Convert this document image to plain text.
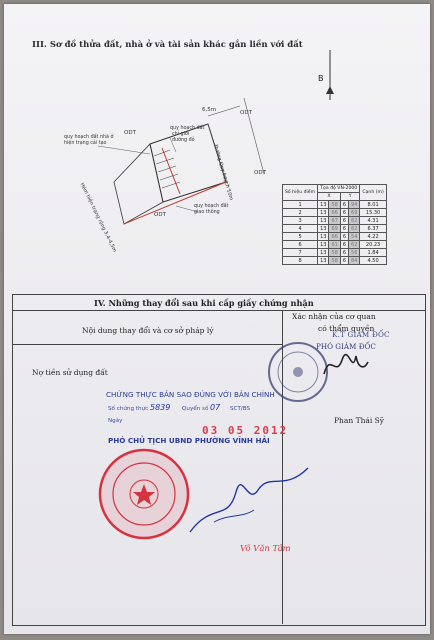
III. Sơ đồ thửa đất, nhà ở và tài sản khác gắn liền với đất
B
6,5m
quy hoạch đất
chỉ giới đường đỏ
quy hoạch đất nhà ở hiện trạng cải tạo
quy hoạch đất giao thông
Đường Quy hoạch 10m
Hẻm hiện trạng rộng 3,4-4,5m
ODT
ODT
ODT
ODT
Số hiệu điểm	Tọa độ VN-2000				Cạnh (m)
	X		Y		
1	13	58	6	94	8.01
2	13	66	6	69	15.30
3	13	67	6	82	4.31
4	13	69	6	82	6.37
5	13	66	6	54	4.22
6	13	61	6	62	20.23
7	13	58	6	56	1.84
8	13	58	6	84	4.50
IV. Những thay đổi sau khi cấp giấy chứng nhận
Nội dung thay đổi và cơ sở pháp lý
Xác nhận của cơ quan
có thẩm quyền
K.T GIÁM ĐỐC
PHÓ GIÁM ĐỐC
Nợ tiền sử dụng đất
Phan Thái Sỹ
CHỨNG THỰC BẢN SAO ĐÚNG VỚI BẢN CHÍNH
Số chứng thực 5839 Quyển số 07 SCT/BS
Ngày
03 05 2012
PHÓ CHỦ TỊCH UBND PHƯỜNG VĨNH HẢI
Võ Văn Tâm
